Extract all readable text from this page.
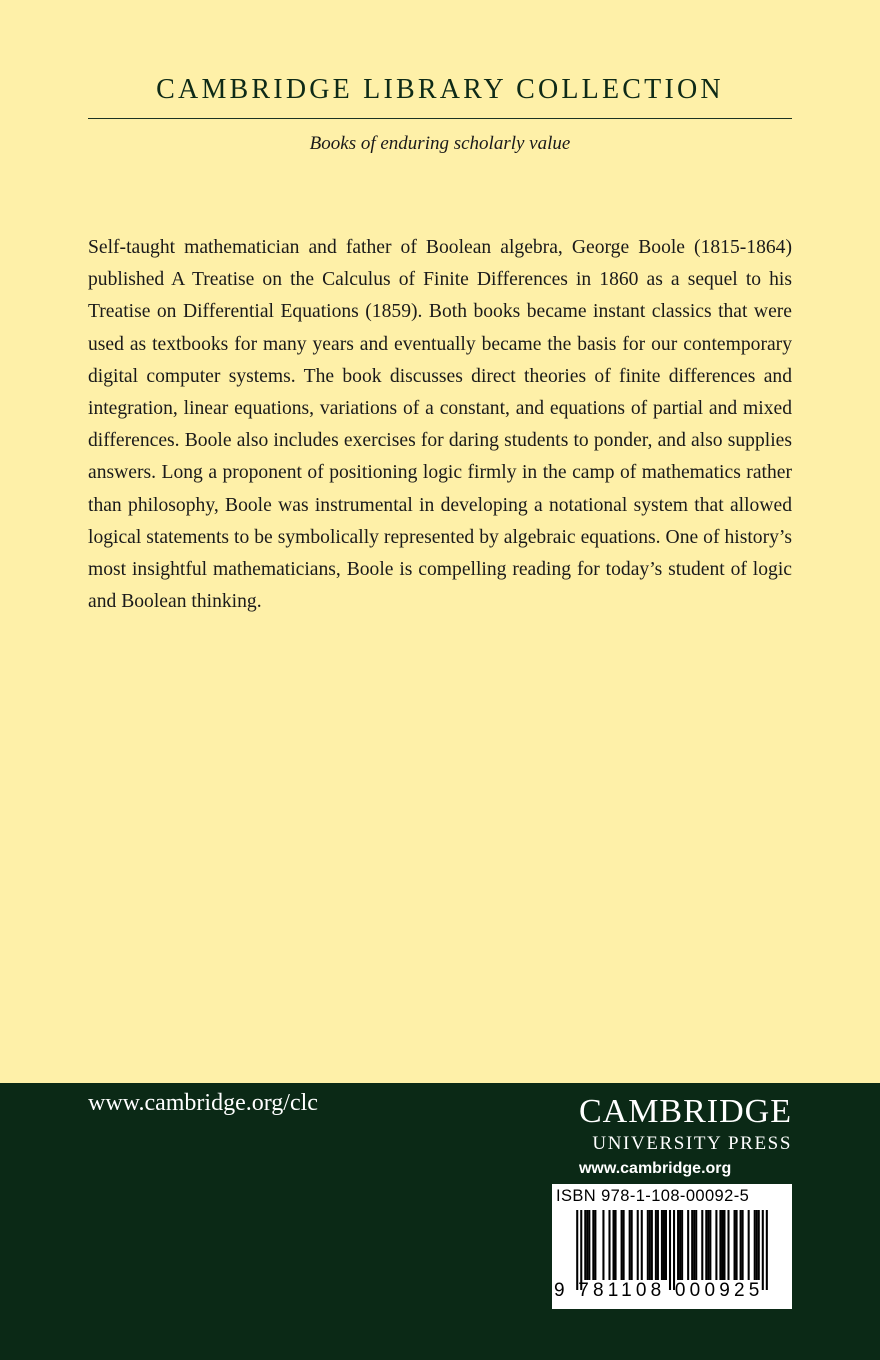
CAMBRIDGE LIBRARY COLLECTION
Books of enduring scholarly value

Self-taught mathematician and father of Boolean algebra, George Boole (1815-1864) published A Treatise on the Calculus of Finite Differences in 1860 as a sequel to his Treatise on Differential Equations (1859). Both books became instant classics that were used as textbooks for many years and eventually became the basis for our contemporary digital computer systems. The book discusses direct theories of finite differences and integration, linear equations, variations of a constant, and equations of partial and mixed differences. Boole also includes exercises for daring students to ponder, and also supplies answers. Long a proponent of positioning logic firmly in the camp of mathematics rather than philosophy, Boole was instrumental in developing a notational system that allowed logical statements to be symbolically represented by algebraic equations. One of history’s most insightful mathematicians, Boole is compelling reading for today’s student of logic and Boolean thinking.

www.cambridge.org/clc	CAMBRIDGE
UNIVERSITY PRESS
www.cambridge.org
ISBN 978-1-108-00092-5
9 781108 000925
